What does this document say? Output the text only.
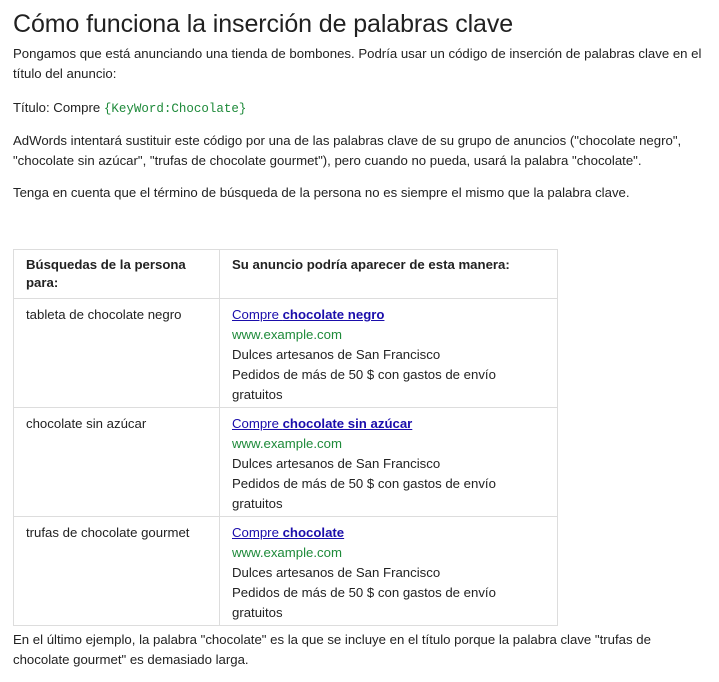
Cómo funciona la inserción de palabras clave

Pongamos que está anunciando una tienda de bombones. Podría usar un código de inserción de palabras clave en el título del anuncio:

Título: Compre {KeyWord:Chocolate}

AdWords intentará sustituir este código por una de las palabras clave de su grupo de anuncios ("chocolate negro", "chocolate sin azúcar", "trufas de chocolate gourmet"), pero cuando no pueda, usará la palabra "chocolate".

Tenga en cuenta que el término de búsqueda de la persona no es siempre el mismo que la palabra clave.

Búsquedas de la persona para:	Su anuncio podría aparecer de esta manera:
tableta de chocolate negro	Compre chocolate negro
www.example.com
Dulces artesanos de San Francisco
Pedidos de más de 50 $ con gastos de envío gratuitos

chocolate sin azúcar	Compre chocolate sin azúcar
www.example.com
Dulces artesanos de San Francisco
Pedidos de más de 50 $ con gastos de envío gratuitos

trufas de chocolate gourmet	Compre chocolate
www.example.com
Dulces artesanos de San Francisco
Pedidos de más de 50 $ con gastos de envío gratuitos

En el último ejemplo, la palabra "chocolate" es la que se incluye en el título porque la palabra clave "trufas de chocolate gourmet" es demasiado larga.
